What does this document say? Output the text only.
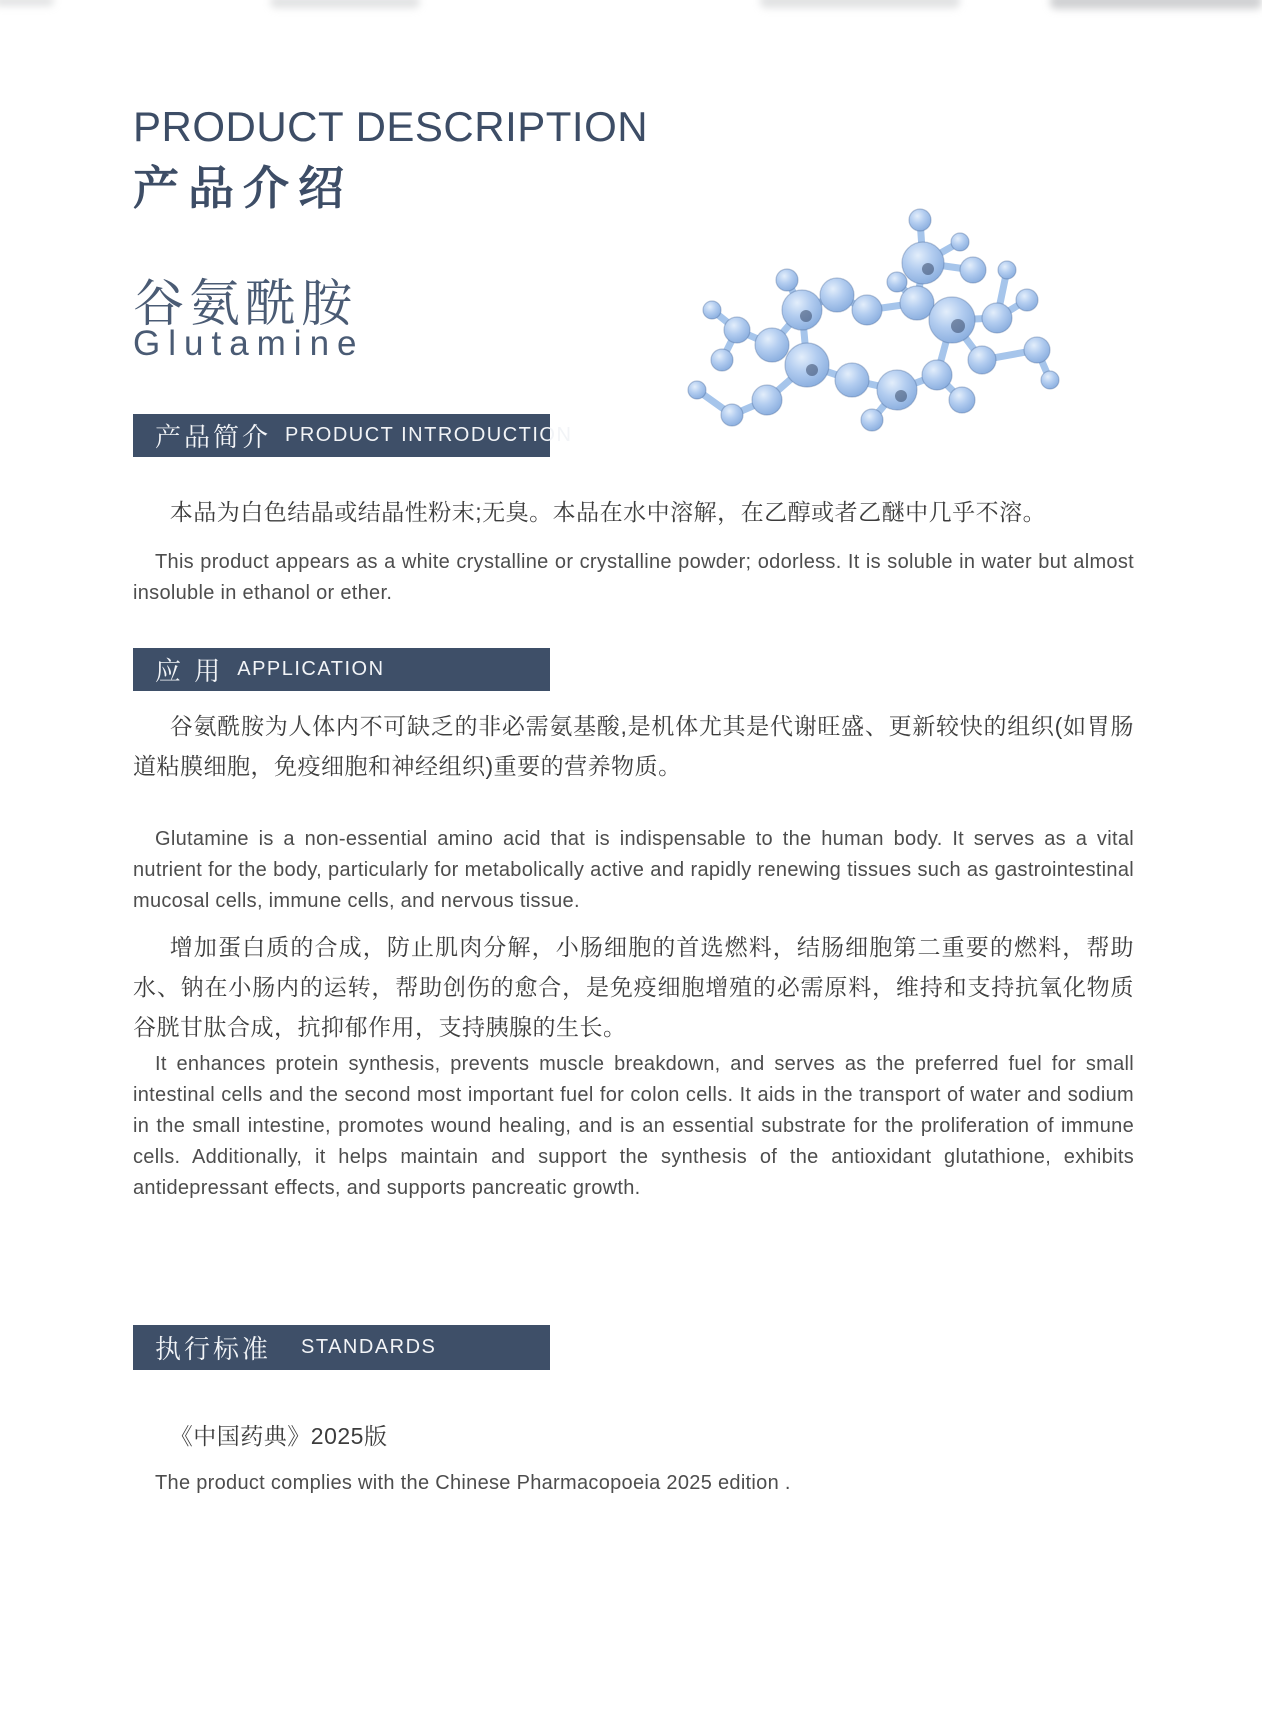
PRODUCT DESCRIPTION
产品介绍
谷氨酰胺
Glutamine
产品简介 PRODUCT INTRODUCTION
本品为白色结晶或结晶性粉末;无臭。本品在水中溶解，在乙醇或者乙醚中几乎不溶。
This product appears as a white crystalline or crystalline powder; odorless. It is soluble in water but almost insoluble in ethanol or ether.
应 用 APPLICATION
谷氨酰胺为人体内不可缺乏的非必需氨基酸,是机体尤其是代谢旺盛、更新较快的组织(如胃肠道粘膜细胞，免疫细胞和神经组织)重要的营养物质。
Glutamine is a non-essential amino acid that is indispensable to the human body. It serves as a vital nutrient for the body, particularly for metabolically active and rapidly renewing tissues such as gastrointestinal mucosal cells, immune cells, and nervous tissue.
增加蛋白质的合成，防止肌肉分解，小肠细胞的首选燃料，结肠细胞第二重要的燃料，帮助水、钠在小肠内的运转，帮助创伤的愈合，是免疫细胞增殖的必需原料，维持和支持抗氧化物质谷胱甘肽合成，抗抑郁作用，支持胰腺的生长。
It enhances protein synthesis, prevents muscle breakdown, and serves as the preferred fuel for small intestinal cells and the second most important fuel for colon cells. It aids in the transport of water and sodium in the small intestine, promotes wound healing, and is an essential substrate for the proliferation of immune cells. Additionally, it helps maintain and support the synthesis of the antioxidant glutathione, exhibits antidepressant effects, and supports pancreatic growth.
执行标准 STANDARDS
《中国药典》2025版
The product complies with the Chinese Pharmacopoeia 2025 edition .
